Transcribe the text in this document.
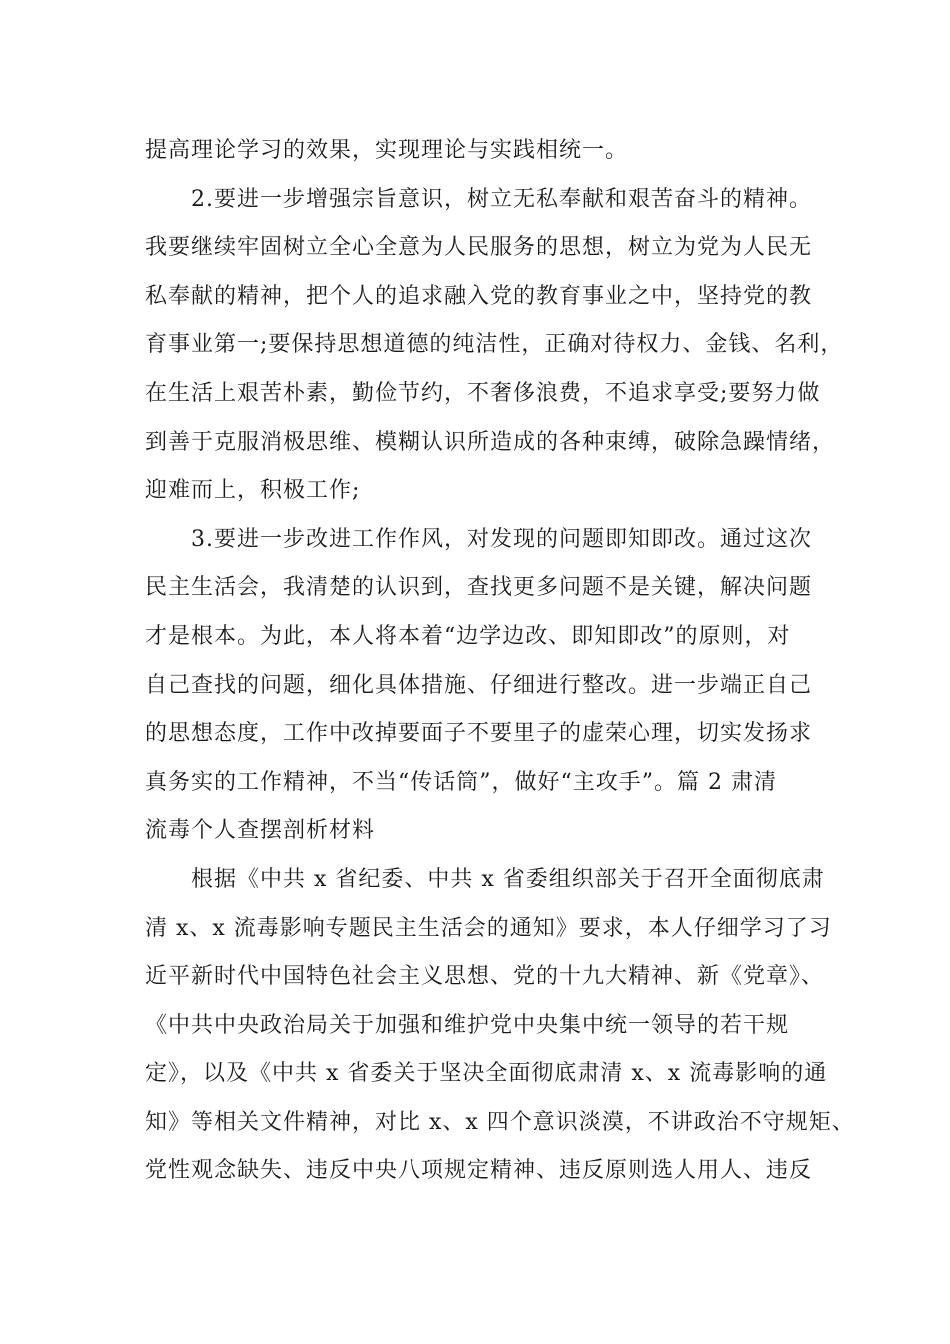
提高理论学习的效果，实现理论与实践相统一。
　　2.要进一步增强宗旨意识，树立无私奉献和艰苦奋斗的精神。
我要继续牢固树立全心全意为人民服务的思想，树立为党为人民无
私奉献的精神，把个人的追求融入党的教育事业之中，坚持党的教
育事业第一;要保持思想道德的纯洁性，正确对待权力、金钱、名利，
在生活上艰苦朴素，勤俭节约，不奢侈浪费，不追求享受;要努力做
到善于克服消极思维、模糊认识所造成的各种束缚，破除急躁情绪，
迎难而上，积极工作;
　　3.要进一步改进工作作风，对发现的问题即知即改。通过这次
民主生活会，我清楚的认识到，查找更多问题不是关键，解决问题
才是根本。为此，本人将本着“边学边改、即知即改”的原则，对
自己查找的问题，细化具体措施、仔细进行整改。进一步端正自己
的思想态度，工作中改掉要面子不要里子的虚荣心理，切实发扬求
真务实的工作精神，不当“传话筒”，做好“主攻手”。篇 2 肃清
流毒个人查摆剖析材料
　　根据《中共 x 省纪委、中共 x 省委组织部关于召开全面彻底肃
清 x、x 流毒影响专题民主生活会的通知》要求，本人仔细学习了习
近平新时代中国特色社会主义思想、党的十九大精神、新《党章》、
《中共中央政治局关于加强和维护党中央集中统一领导的若干规
定》，以及《中共 x 省委关于坚决全面彻底肃清 x、x 流毒影响的通
知》等相关文件精神，对比 x、x 四个意识淡漠，不讲政治不守规矩、
党性观念缺失、违反中央八项规定精神、违反原则选人用人、违反
